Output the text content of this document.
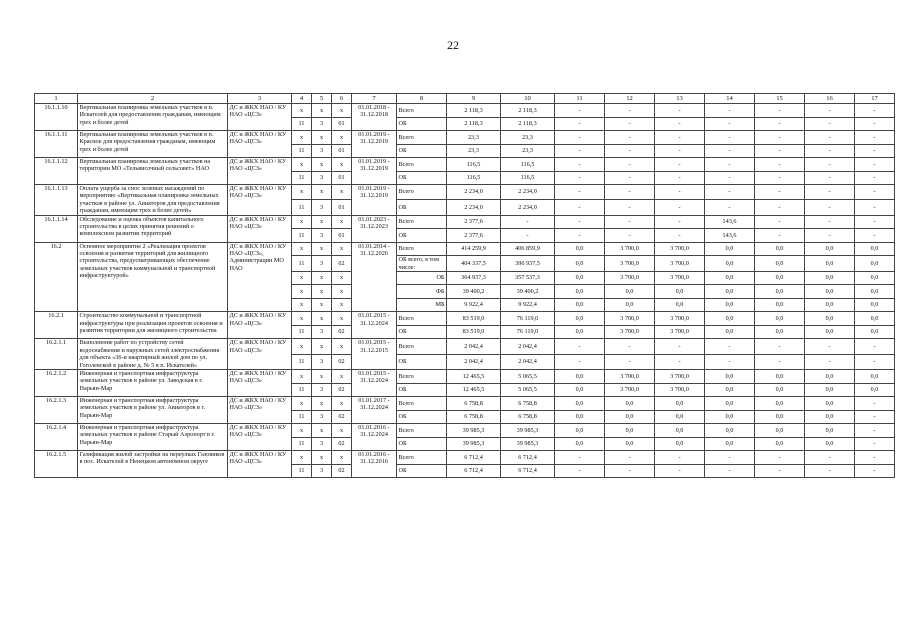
22
1	2	3	4	5	6	7	8	9	10	11	12	13	14	15	16	17
16.1.1.10	Вертикальная планировка земельных участков в п. Искателей для предоставления гражданам, имеющим трех и более детей	ДС и ЖКХ НАО / КУ НАО «ЦСЗ»	х	х	х	01.01.2018 - 31.12.2018	Всего	2 118,3	2 118,3	-	-	-	-	-	-	-
			11	3	01		ОБ	2 118,3	2 118,3	-	-	-	-	-	-	-
16.1.1.11	Вертикальная планировка земельных участков в п. Красное для предоставления гражданам, имеющим трех и более детей	ДС и ЖКХ НАО / КУ НАО «ЦСЗ»	х	х	х	01.01.2019 - 31.12.2019	Всего	23,3	23,3	-	-	-	-	-	-	-
			11	3	01		ОБ	23,3	23,3	-	-	-	-	-	-	-
16.1.1.12	Вертикальная планировка земельных участков на территории МО «Тельвисочный сельсовет» НАО	ДС и ЖКХ НАО / КУ НАО «ЦСЗ»	х	х	х	01.01.2019 - 31.12.2019	Всего	116,5	116,5	-	-	-	-	-	-	-
			11	3	01		ОБ	116,5	116,5	-	-	-	-	-	-	-
16.1.1.13	Оплата ущерба за снос зеленых насаждений по мероприятию «Вертикальная планировка земельных участков в районе ул. Авиаторов для предоставления гражданам, имеющим трех и более детей»	ДС и ЖКХ НАО / КУ НАО «ЦСЗ»	х	х	х	01.01.2019 - 31.12.2019	Всего	2 234,0	2 234,0	-	-	-	-	-	-	-
			11	3	01		ОБ	2 234,0	2 234,0	-	-	-	-	-	-	-
16.1.1.14	Обследование и оценка объектов капитального строительства в целях принятия решений о комплексном развитии территорий	ДС и ЖКХ НАО / КУ НАО «ЦСЗ»	х	х	х	01.01.2023 - 31.12.2023	Всего	2 377,6	-	-	-	-	143,6	-	-	-
			11	3	01		ОБ	2 377,6	-	-	-	-	143,6	-	-	-
16.2	Основное мероприятие 2 «Реализация проектов освоения и развития территорий для жилищного строительства, предусматривающих обеспечение земельных участков коммунальной и транспортной инфраструктурой»	ДС и ЖКХ НАО / КУ НАО «ЦСЗ», Администрации МО НАО	х	х	х	01.01.2014 - 31.12.2026	Всего	414 259,9	406 859,9	0,0	3 700,0	3 700,0	0,0	0,0	0,0	0,0
			11	3	02		ОБ всего, в том числе:	404 337,5	396 937,5	0,0	3 700,0	3 700,0	0,0	0,0	0,0	0,0
			х	х	х		ОБ	364 937,3	357 537,3	0,0	3 700,0	3 700,0	0,0	0,0	0,0	0,0
			х	х	х		ФБ	39 400,2	39 400,2	0,0	0,0	0,0	0,0	0,0	0,0	0,0
			х	х	х		МБ	9 922,4	9 922,4	0,0	0,0	0,0	0,0	0,0	0,0	0,0
16.2.1	Строительство коммунальной и транспортной инфраструктуры при реализации проектов освоения и развития территории для жилищного строительства	ДС и ЖКХ НАО / КУ НАО «ЦСЗ»	х	х	х	01.01.2015 - 31.12.2024	Всего	83 519,0	76 119,0	0,0	3 700,0	3 700,0	0,0	0,0	0,0	0,0
			11	3	02		ОБ	83 519,0	76 119,0	0,0	3 700,0	3 700,0	0,0	0,0	0,0	0,0
16.2.1.1	Выполнение работ по устройству сетей водоснабжения и наружных сетей электроснабжения для объекта «36-и квартирный жилой дом по ул. Гоголевской в районе д. № 5 в п. Искателей»	ДС и ЖКХ НАО / КУ НАО «ЦСЗ»	х	х	х	01.01.2015 - 31.12.2015	Всего	2 042,4	2 042,4	-	-	-	-	-	-	-
			11	3	02		ОБ	2 042,4	2 042,4	-	-	-	-	-	-	-
16.2.1.2	Инженерная и транспортная инфраструктура земельных участков в районе ул. Заводская в г. Нарьян-Мар	ДС и ЖКХ НАО / КУ НАО «ЦСЗ»	х	х	х	01.01.2015 - 31.12.2024	Всего	12 465,5	5 065,5	0,0	3 700,0	3 700,0	0,0	0,0	0,0	0,0
			11	3	02		ОБ	12 465,5	5 065,5	0,0	3 700,0	3 700,0	0,0	0,0	0,0	0,0
16.2.1.3	Инженерная и транспортная инфраструктура земельных участков в районе ул. Авиаторов в г. Нарьян-Мар	ДС и ЖКХ НАО / КУ НАО «ЦСЗ»	х	х	х	01.01.2017 - 31.12.2024	Всего	6 758,8	6 758,8	0,0	0,0	0,0	0,0	0,0	0,0	-
			11	3	02		ОБ	6 758,8	6 758,8	0,0	0,0	0,0	0,0	0,0	0,0	-
16.2.1.4	Инженерная и транспортная инфраструктура земельных участков в районе Старый Аэропорт в г. Нарьян-Мар	ДС и ЖКХ НАО / КУ НАО «ЦСЗ»	х	х	х	01.01.2016 - 31.12.2024	Всего	39 985,3	39 985,3	0,0	0,0	0,0	0,0	0,0	0,0	-
			11	3	02		ОБ	39 985,3	39 985,3	0,0	0,0	0,0	0,0	0,0	0,0	-
16.2.1.5	Газификация жилой застройки на переулках Газовиков в пос. Искателей в Ненецком автономном округе	ДС и ЖКХ НАО / КУ НАО «ЦСЗ»	х	х	х	01.01.2016 - 31.12.2016	Всего	6 712,4	6 712,4	-	-	-	-	-	-	-
			11	3	02		ОБ	6 712,4	6 712,4	-	-	-	-	-	-	-
